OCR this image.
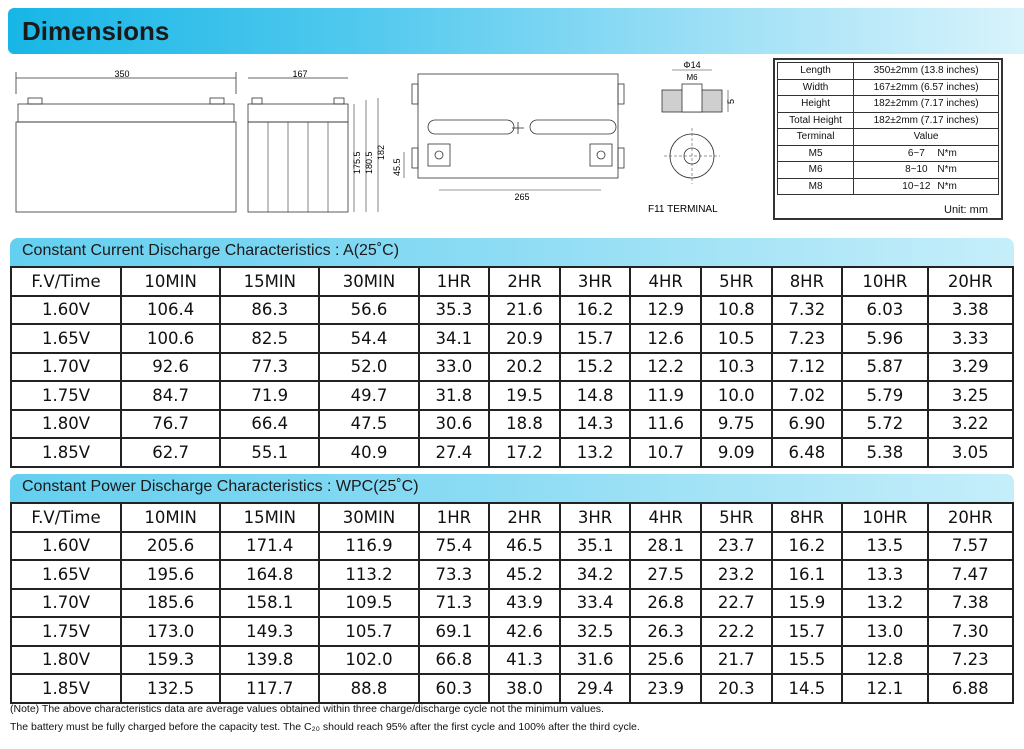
Dimensions
350	167
175.5 180.5 182
45.5
265
Φ14
M6
5
F11 TERMINAL
Length	350±2mm (13.8 inches)
Width	167±2mm (6.57 inches)
Height	182±2mm (7.17 inches)
Total Height	182±2mm (7.17 inches)
Terminal	Value
M5	6~7 N*m
M6	8~10 N*m
M8	10~12 N*m
Unit: mm
Constant Current Discharge Characteristics : A(25˚C)
F.V/Time	10MIN	15MIN	30MIN	1HR	2HR	3HR	4HR	5HR	8HR	10HR	20HR
1.60V	106.4	86.3	56.6	35.3	21.6	16.2	12.9	10.8	7.32	6.03	3.38
1.65V	100.6	82.5	54.4	34.1	20.9	15.7	12.6	10.5	7.23	5.96	3.33
1.70V	92.6	77.3	52.0	33.0	20.2	15.2	12.2	10.3	7.12	5.87	3.29
1.75V	84.7	71.9	49.7	31.8	19.5	14.8	11.9	10.0	7.02	5.79	3.25
1.80V	76.7	66.4	47.5	30.6	18.8	14.3	11.6	9.75	6.90	5.72	3.22
1.85V	62.7	55.1	40.9	27.4	17.2	13.2	10.7	9.09	6.48	5.38	3.05
Constant Power Discharge Characteristics : WPC(25˚C)
F.V/Time	10MIN	15MIN	30MIN	1HR	2HR	3HR	4HR	5HR	8HR	10HR	20HR
1.60V	205.6	171.4	116.9	75.4	46.5	35.1	28.1	23.7	16.2	13.5	7.57
1.65V	195.6	164.8	113.2	73.3	45.2	34.2	27.5	23.2	16.1	13.3	7.47
1.70V	185.6	158.1	109.5	71.3	43.9	33.4	26.8	22.7	15.9	13.2	7.38
1.75V	173.0	149.3	105.7	69.1	42.6	32.5	26.3	22.2	15.7	13.0	7.30
1.80V	159.3	139.8	102.0	66.8	41.3	31.6	25.6	21.7	15.5	12.8	7.23
1.85V	132.5	117.7	88.8	60.3	38.0	29.4	23.9	20.3	14.5	12.1	6.88
(Note) The above characteristics data are average values obtained within three charge/discharge cycle not the minimum values.
The battery must be fully charged before the capacity test. The C₂₀ should reach 95% after the first cycle and 100% after the third cycle.
